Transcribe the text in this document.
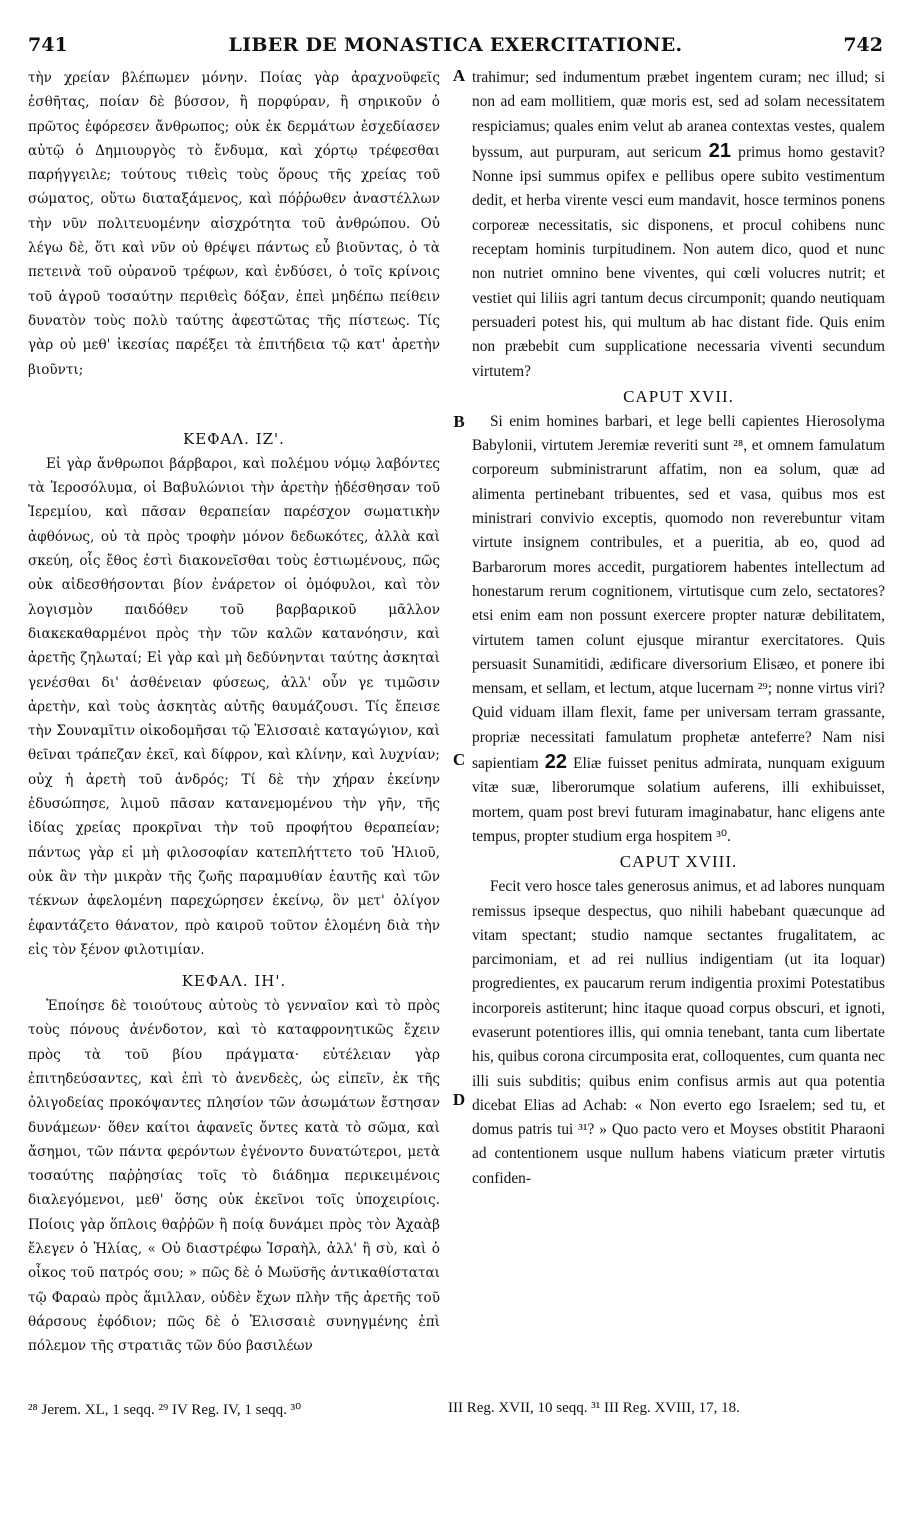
741	LIBER DE MONASTICA EXERCITATIONE.	742

τὴν χρείαν βλέπωμεν μόνην. Ποίας γὰρ ἀραχνοϋφεῖς ἐσθῆτας, ποίαν δὲ βύσσον, ἢ πορφύραν, ἢ σηρικοῦν ὁ πρῶτος ἐφόρεσεν ἄνθρωπος; οὐκ ἐκ δερμάτων ἐσχεδίασεν αὐτῷ ὁ Δημιουργὸς τὸ ἔνδυμα, καὶ χόρτῳ τρέφεσθαι παρήγγειλε; τούτους τιθεὶς τοὺς ὅρους τῆς χρείας τοῦ σώματος, οὕτω διαταξάμενος, καὶ πόῤῥωθεν ἀναστέλλων τὴν νῦν πολιτευομένην αἰσχρότητα τοῦ ἀνθρώπου. Οὐ λέγω δὲ, ὅτι καὶ νῦν οὐ θρέψει πάντως εὖ βιοῦντας, ὁ τὰ πετεινὰ τοῦ οὐρανοῦ τρέφων, καὶ ἐνδύσει, ὁ τοῖς κρίνοις τοῦ ἀγροῦ τοσαύτην περιθεὶς δόξαν, ἐπεὶ μηδέπω πείθειν δυνατὸν τοὺς πολὺ ταύτης ἀφεστῶτας τῆς πίστεως. Τίς γὰρ οὐ μεθ' ἱκεσίας παρέξει τὰ ἐπιτήδεια τῷ κατ' ἀρετὴν βιοῦντι;

ΚΕΦΑΛ. ΙΖ'.

Εἰ γὰρ ἄνθρωποι βάρβαροι, καὶ πολέμου νόμῳ λαβόντες τὰ Ἱεροσόλυμα, οἱ Βαβυλώνιοι τὴν ἀρετὴν ᾐδέσθησαν τοῦ Ἱερεμίου, καὶ πᾶσαν θεραπείαν παρέσχον σωματικὴν ἀφθόνως, οὐ τὰ πρὸς τροφὴν μόνον δεδωκότες, ἀλλὰ καὶ σκεύη, οἷς ἔθος ἐστὶ διακονεῖσθαι τοὺς ἑστιωμένους, πῶς οὐκ αἰδεσθήσονται βίον ἐνάρετον οἱ ὁμόφυλοι, καὶ τὸν λογισμὸν παιδόθεν τοῦ βαρβαρικοῦ μᾶλλον διακεκαθαρμένοι πρὸς τὴν τῶν καλῶν κατανόησιν, καὶ ἀρετῆς ζηλωταί; Εἰ γὰρ καὶ μὴ δεδύνηνται ταύτης ἀσκηταὶ γενέσθαι δι' ἀσθένειαν φύσεως, ἀλλ' οὖν γε τιμῶσιν ἀρετὴν, καὶ τοὺς ἀσκητὰς αὐτῆς θαυμάζουσι. Τίς ἔπεισε τὴν Σουναμῖτιν οἰκοδομῆσαι τῷ Ἐλισσαιὲ καταγώγιον, καὶ θεῖναι τράπεζαν ἐκεῖ, καὶ δίφρον, καὶ κλίνην, καὶ λυχνίαν; οὐχ ἡ ἀρετὴ τοῦ ἀνδρός; Τί δὲ τὴν χήραν ἐκείνην ἐδυσώπησε, λιμοῦ πᾶσαν κατανεμομένου τὴν γῆν, τῆς ἰδίας χρείας προκρῖναι τὴν τοῦ προφήτου θεραπείαν; πάντως γὰρ εἰ μὴ φιλοσοφίαν κατεπλήττετο τοῦ Ἡλιοῦ, οὐκ ἂν τὴν μικρὰν τῆς ζωῆς παραμυθίαν ἑαυτῆς καὶ τῶν τέκνων ἀφελομένη παρεχώρησεν ἐκείνῳ, ὃν μετ' ὀλίγον ἐφαντάζετο θάνατον, πρὸ καιροῦ τοῦτον ἑλομένη διὰ τὴν εἰς τὸν ξένον φιλοτιμίαν.

ΚΕΦΑΛ. ΙΗ'.

Ἐποίησε δὲ τοιούτους αὐτοὺς τὸ γενναῖον καὶ τὸ πρὸς τοὺς πόνους ἀνένδοτον, καὶ τὸ καταφρονητικῶς ἔχειν πρὸς τὰ τοῦ βίου πράγματα· εὐτέλειαν γὰρ ἐπιτηδεύσαντες, καὶ ἐπὶ τὸ ἀνενδεὲς, ὡς εἰπεῖν, ἐκ τῆς ὀλιγοδείας προκόψαντες πλησίον τῶν ἀσωμάτων ἔστησαν δυνάμεων· ὅθεν καίτοι ἀφανεῖς ὄντες κατὰ τὸ σῶμα, καὶ ἄσημοι, τῶν πάντα φερόντων ἐγένοντο δυνατώτεροι, μετὰ τοσαύτης παῤῥησίας τοῖς τὸ διάδημα περικειμένοις διαλεγόμενοι, μεθ' ὅσης οὐκ ἐκεῖνοι τοῖς ὑποχειρίοις. Ποίοις γὰρ ὅπλοις θαῤῥῶν ἢ ποίᾳ δυνάμει πρὸς τὸν Ἀχαὰβ ἔλεγεν ὁ Ἠλίας, « Οὐ διαστρέφω Ἰσραὴλ, ἀλλ' ἢ σὺ, καὶ ὁ οἶκος τοῦ πατρός σου; » πῶς δὲ ὁ Μωϋσῆς ἀντικαθίσταται τῷ Φαραὼ πρὸς ἅμιλλαν, οὐδὲν ἔχων πλὴν τῆς ἀρετῆς τοῦ θάρσους ἐφόδιον; πῶς δὲ ὁ Ἐλισσαιὲ συνηγμένης ἐπὶ πόλεμον τῆς στρατιᾶς τῶν δύο βασιλέων

A
B
C
D

trahimur; sed indumentum præbet ingentem curam; nec illud; si non ad eam mollitiem, quæ moris est, sed ad solam necessitatem respiciamus; quales enim velut ab aranea contextas vestes, qualem byssum, aut purpuram, aut sericum 21 primus homo gestavit? Nonne ipsi summus opifex e pellibus opere subito vestimentum dedit, et herba virente vesci eum mandavit, hosce terminos ponens corporeæ necessitatis, sic disponens, et procul cohibens nunc receptam hominis turpitudinem. Non autem dico, quod et nunc non nutriet omnino bene viventes, qui cœli volucres nutrit; et vestiet qui liliis agri tantum decus circumponit; quando neutiquam persuaderi potest his, qui multum ab hac distant fide. Quis enim non præbebit cum supplicatione necessaria viventi secundum virtutem?

CAPUT XVII.

Si enim homines barbari, et lege belli capientes Hierosolyma Babylonii, virtutem Jeremiæ reveriti sunt ²⁸, et omnem famulatum corporeum subministrarunt affatim, non ea solum, quæ ad alimenta pertinebant tribuentes, sed et vasa, quibus mos est ministrari convivio exceptis, quomodo non reverebuntur vitam virtute insignem contribules, et a pueritia, ab eo, quod ad Barbarorum mores accedit, purgatiorem habentes intellectum ad honestarum rerum cognitionem, virtutisque cum zelo, sectatores? etsi enim eam non possunt exercere propter naturæ debilitatem, virtutem tamen colunt ejusque mirantur exercitatores. Quis persuasit Sunamitidi, ædificare diversorium Elisæo, et ponere ibi mensam, et sellam, et lectum, atque lucernam ²⁹; nonne virtus viri? Quid viduam illam flexit, fame per universam terram grassante, propriæ necessitati famulatum prophetæ anteferre? Nam nisi sapientiam 22 Eliæ fuisset penitus admirata, nunquam exiguum vitæ suæ, liberorumque solatium auferens, illi exhibuisset, mortem, quam post brevi futuram imaginabatur, hanc eligens ante tempus, propter studium erga hospitem ³⁰.

CAPUT XVIII.

Fecit vero hosce tales generosus animus, et ad labores nunquam remissus ipseque despectus, quo nihili habebant quæcunque ad vitam spectant; studio namque sectantes frugalitatem, ac parcimoniam, et ad rei nullius indigentiam (ut ita loquar) progredientes, ex paucarum rerum indigentia proximi Potestatibus incorporeis astiterunt; hinc itaque quoad corpus obscuri, et ignoti, evaserunt potentiores illis, qui omnia tenebant, tanta cum libertate his, quibus corona circumposita erat, colloquentes, cum quanta nec illi suis subditis; quibus enim confisus armis aut qua potentia dicebat Elias ad Achab: « Non everto ego Israelem; sed tu, et domus patris tui ³¹? » Quo pacto vero et Moyses obstitit Pharaoni ad contentionem usque nullum habens viaticum præter virtutis confiden-

²⁸ Jerem. XL, 1 seqq. ²⁹ IV Reg. IV, 1 seqq. ³⁰	III Reg. XVII, 10 seqq. ³¹ III Reg. XVIII, 17, 18.
